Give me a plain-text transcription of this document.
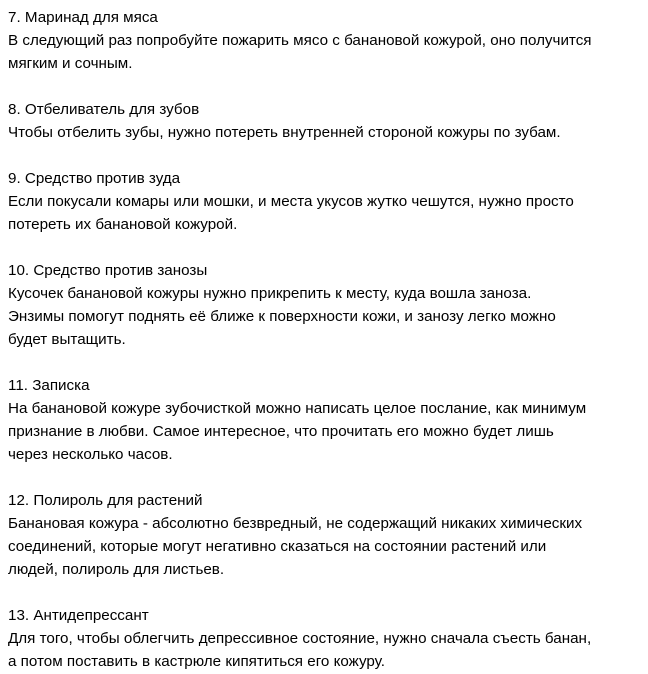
7. Маринад для мяса
В следующий раз попробуйте пожарить мясо с банановой кожурой, оно получится
мягким и сочным.
8. Отбеливатель для зубов
Чтобы отбелить зубы, нужно потереть внутренней стороной кожуры по зубам.
9. Средство против зуда
Если покусали комары или мошки, и места укусов жутко чешутся, нужно просто
потереть их банановой кожурой.
10. Средство против занозы
Кусочек банановой кожуры нужно прикрепить к месту, куда вошла заноза.
Энзимы помогут поднять её ближе к поверхности кожи, и занозу легко можно
будет вытащить.
11. Записка
На банановой кожуре зубочисткой можно написать целое послание, как минимум
признание в любви. Самое интересное, что прочитать его можно будет лишь
через несколько часов.
12. Полироль для растений
Банановая кожура - абсолютно безвредный, не содержащий никаких химических
соединений, которые могут негативно сказаться на состоянии растений или
людей, полироль для листьев.
13. Антидепрессант
Для того, чтобы облегчить депрессивное состояние, нужно сначала съесть банан,
а потом поставить в кастрюле кипятиться его кожуру.
